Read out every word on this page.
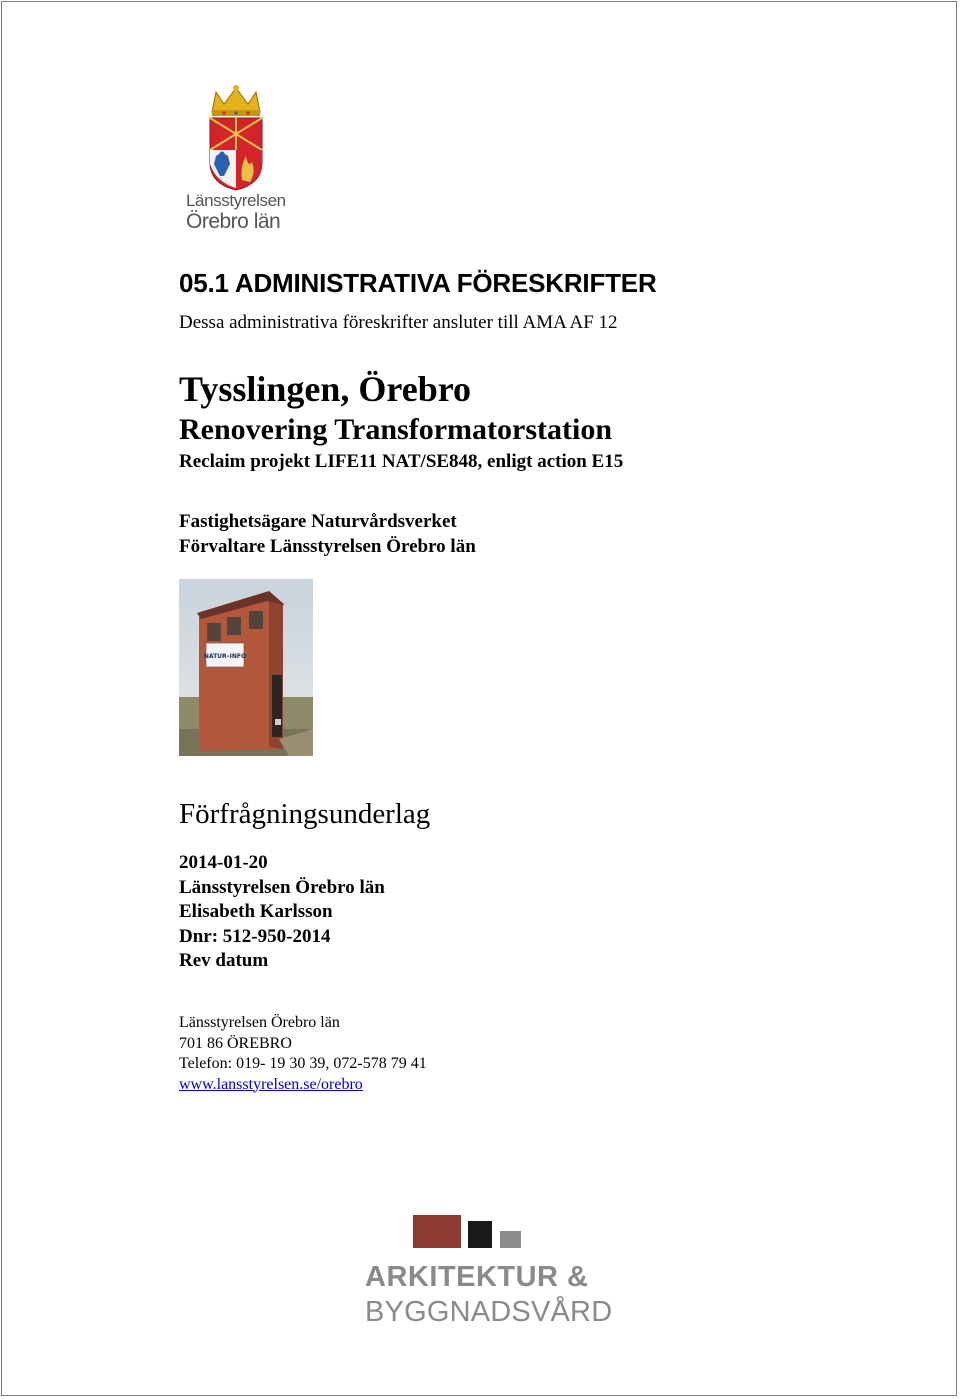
Länsstyrelsen
Örebro län
05.1 ADMINISTRATIVA FÖRESKRIFTER
Dessa administrativa föreskrifter ansluter till AMA AF 12
Tysslingen, Örebro
Renovering Transformatorstation
Reclaim projekt LIFE11 NAT/SE848, enligt action E15
Fastighetsägare Naturvårdsverket
Förvaltare Länsstyrelsen Örebro län
NATUR–INFO
Förfrågningsunderlag
2014-01-20
Länsstyrelsen Örebro län
Elisabeth Karlsson
Dnr: 512-950-2014
Rev datum
Länsstyrelsen Örebro län
701 86 ÖREBRO
Telefon: 019- 19 30 39, 072-578 79 41
www.lansstyrelsen.se/orebro
ARKITEKTUR &
BYGGNADSVÅRD
